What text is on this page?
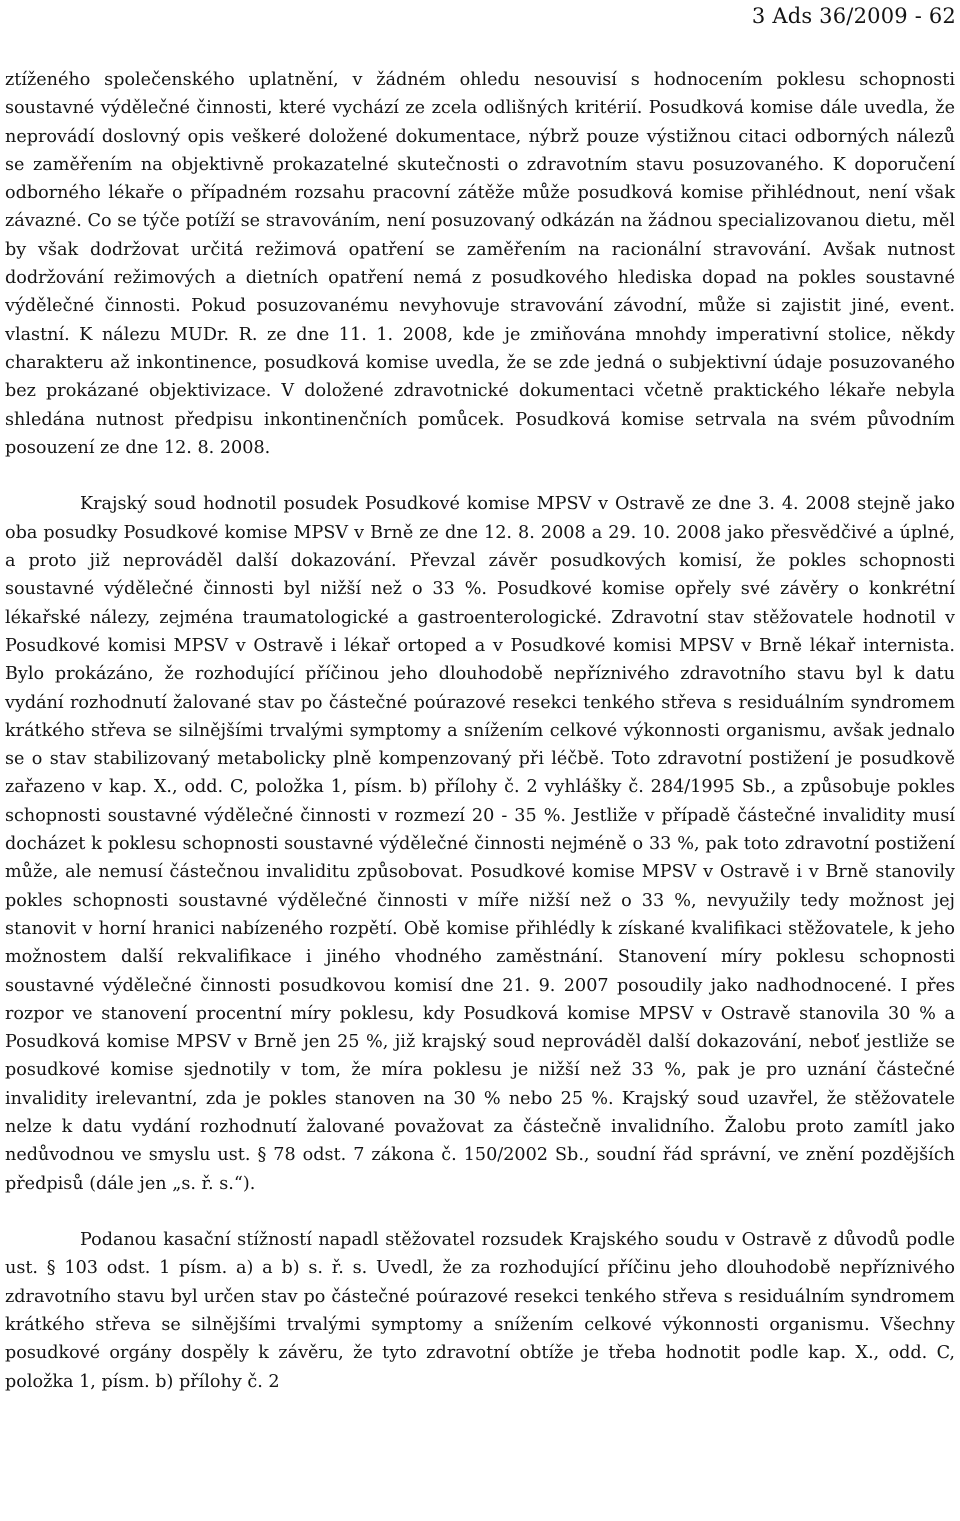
3 Ads 36/2009 - 62

ztíženého společenského uplatnění, v žádném ohledu nesouvisí s hodnocením poklesu schopnosti soustavné výdělečné činnosti, které vychází ze zcela odlišných kritérií. Posudková komise dále uvedla, že neprovádí doslovný opis veškeré doložené dokumentace, nýbrž pouze výstižnou citaci odborných nálezů se zaměřením na objektivně prokazatelné skutečnosti o zdravotním stavu posuzovaného. K doporučení odborného lékaře o případném rozsahu pracovní zátěže může posudková komise přihlédnout, není však závazné. Co se týče potíží se stravováním, není posuzovaný odkázán na žádnou specializovanou dietu, měl by však dodržovat určitá režimová opatření se zaměřením na racionální stravování. Avšak nutnost dodržování režimových a dietních opatření nemá z posudkového hlediska dopad na pokles soustavné výdělečné činnosti. Pokud posuzovanému nevyhovuje stravování závodní, může si zajistit jiné, event. vlastní. K nálezu MUDr. R. ze dne 11. 1. 2008, kde je zmiňována mnohdy imperativní stolice, někdy charakteru až inkontinence, posudková komise uvedla, že se zde jedná o subjektivní údaje posuzovaného bez prokázané objektivizace. V doložené zdravotnické dokumentaci včetně praktického lékaře nebyla shledána nutnost předpisu inkontinenčních pomůcek. Posudková komise setrvala na svém původním posouzení ze dne 12. 8. 2008.

Krajský soud hodnotil posudek Posudkové komise MPSV v Ostravě ze dne 3. 4. 2008 stejně jako oba posudky Posudkové komise MPSV v Brně ze dne 12. 8. 2008 a 29. 10. 2008 jako přesvědčivé a úplné, a proto již neprováděl další dokazování. Převzal závěr posudkových komisí, že pokles schopnosti soustavné výdělečné činnosti byl nižší než o 33 %. Posudkové komise opřely své závěry o konkrétní lékařské nálezy, zejména traumatologické a gastroenterologické. Zdravotní stav stěžovatele hodnotil v Posudkové komisi MPSV v Ostravě i lékař ortoped a v Posudkové komisi MPSV v Brně lékař internista. Bylo prokázáno, že rozhodující příčinou jeho dlouhodobě nepříznivého zdravotního stavu byl k datu vydání rozhodnutí žalované stav po částečné poúrazové resekci tenkého střeva s residuálním syndromem krátkého střeva se silnějšími trvalými symptomy a snížením celkové výkonnosti organismu, avšak jednalo se o stav stabilizovaný metabolicky plně kompenzovaný při léčbě. Toto zdravotní postižení je posudkově zařazeno v kap. X., odd. C, položka 1, písm. b) přílohy č. 2 vyhlášky č. 284/1995 Sb., a způsobuje pokles schopnosti soustavné výdělečné činnosti v rozmezí 20 - 35 %. Jestliže v případě částečné invalidity musí docházet k poklesu schopnosti soustavné výdělečné činnosti nejméně o 33 %, pak toto zdravotní postižení může, ale nemusí částečnou invaliditu způsobovat. Posudkové komise MPSV v Ostravě i v Brně stanovily pokles schopnosti soustavné výdělečné činnosti v míře nižší než o 33 %, nevyužily tedy možnost jej stanovit v horní hranici nabízeného rozpětí. Obě komise přihlédly k získané kvalifikaci stěžovatele, k jeho možnostem další rekvalifikace i jiného vhodného zaměstnání. Stanovení míry poklesu schopnosti soustavné výdělečné činnosti posudkovou komisí dne 21. 9. 2007 posoudily jako nadhodnocené. I přes rozpor ve stanovení procentní míry poklesu, kdy Posudková komise MPSV v Ostravě stanovila 30 % a Posudková komise MPSV v Brně jen 25 %, již krajský soud neprováděl další dokazování, neboť jestliže se posudkové komise sjednotily v tom, že míra poklesu je nižší než 33 %, pak je pro uznání částečné invalidity irelevantní, zda je pokles stanoven na 30 % nebo 25 %. Krajský soud uzavřel, že stěžovatele nelze k datu vydání rozhodnutí žalované považovat za částečně invalidního. Žalobu proto zamítl jako nedůvodnou ve smyslu ust. § 78 odst. 7 zákona č. 150/2002 Sb., soudní řád správní, ve znění pozdějších předpisů (dále jen „s. ř. s.“).

Podanou kasační stížností napadl stěžovatel rozsudek Krajského soudu v Ostravě z důvodů podle ust. § 103 odst. 1 písm. a) a b) s. ř. s. Uvedl, že za rozhodující příčinu jeho dlouhodobě nepříznivého zdravotního stavu byl určen stav po částečné poúrazové resekci tenkého střeva s residuálním syndromem krátkého střeva se silnějšími trvalými symptomy a snížením celkové výkonnosti organismu. Všechny posudkové orgány dospěly k závěru, že tyto zdravotní obtíže je třeba hodnotit podle kap. X., odd. C, položka 1, písm. b) přílohy č. 2
